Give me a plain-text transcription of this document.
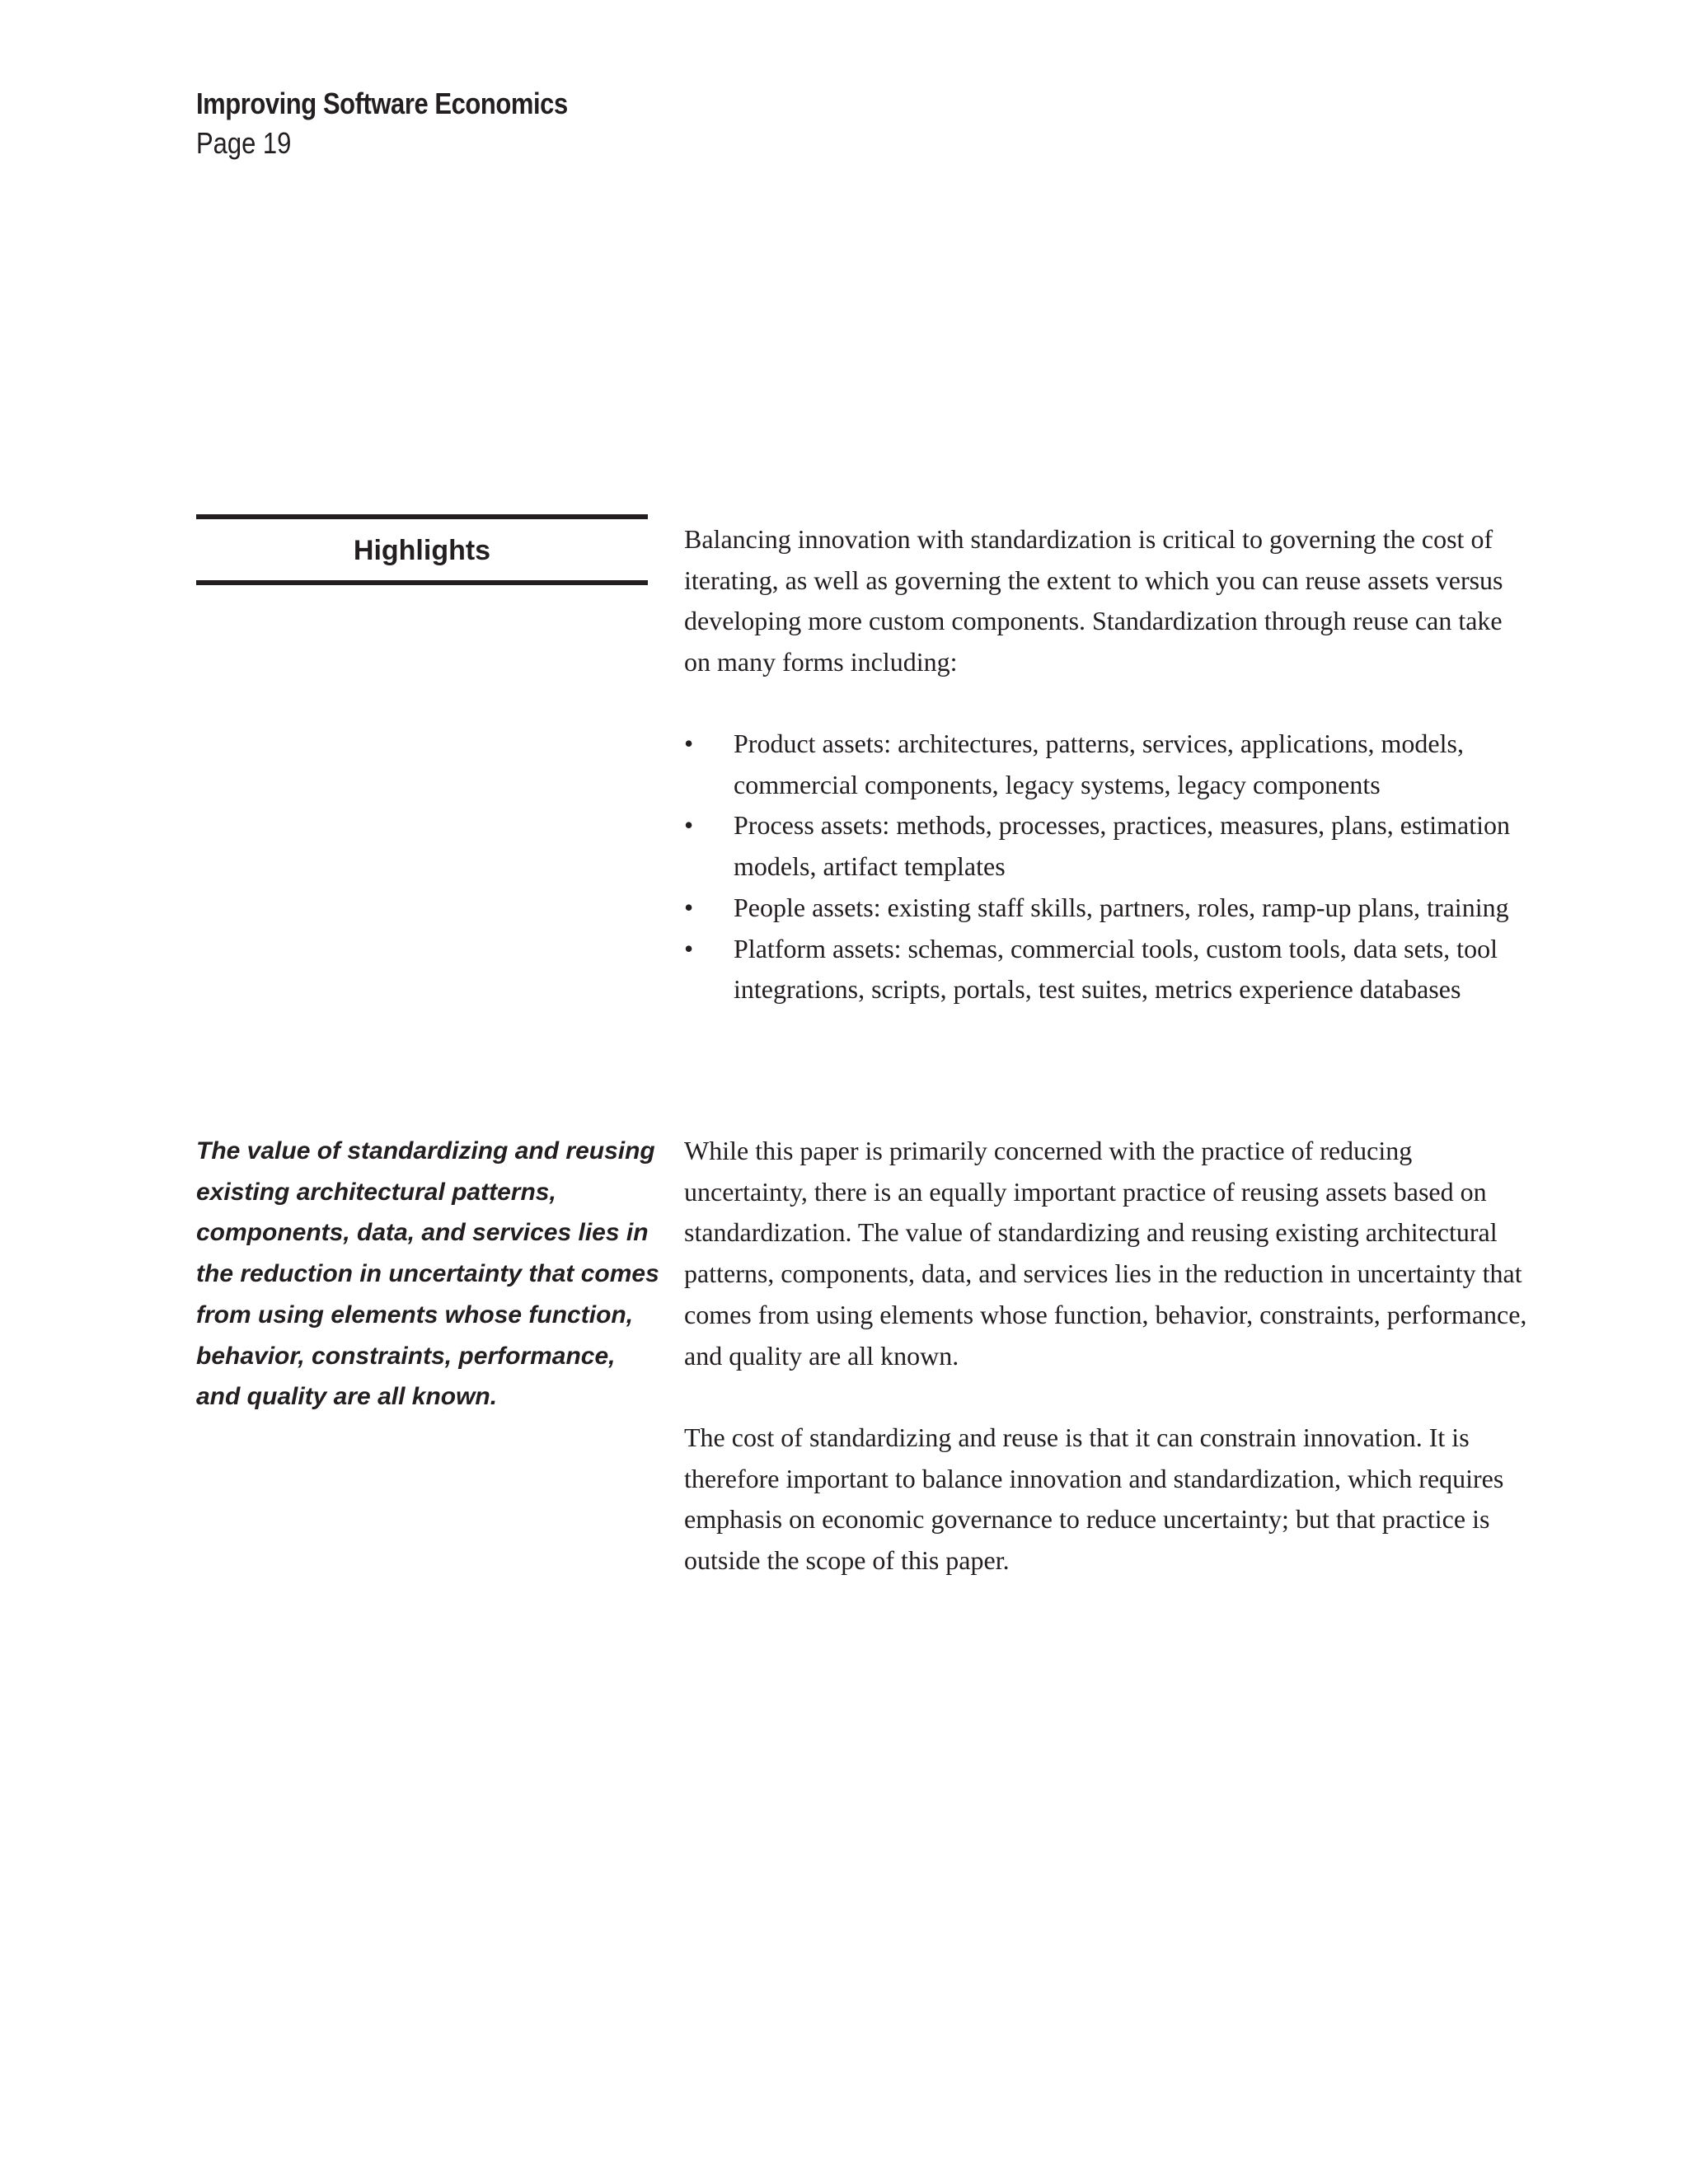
Improving Software Economics
Page 19
Highlights

The value of standardizing and reusing existing architectural patterns, components, data, and services lies in the reduction in uncertainty that comes from using elements whose function, behavior, constraints, performance, and quality are all known.

Balancing innovation with standardization is critical to governing the cost of iterating, as well as governing the extent to which you can reuse assets versus developing more custom components. Standardization through reuse can take on many forms including:

• Product assets: architectures, patterns, services, applications, models, commercial components, legacy systems, legacy components
• Process assets: methods, processes, practices, measures, plans, estimation models, artifact templates
• People assets: existing staff skills, partners, roles, ramp-up plans, training
• Platform assets: schemas, commercial tools, custom tools, data sets, tool integrations, scripts, portals, test suites, metrics experience databases

While this paper is primarily concerned with the practice of reducing uncertainty, there is an equally important practice of reusing assets based on standardization. The value of standardizing and reusing existing architectural patterns, components, data, and services lies in the reduction in uncertainty that comes from using elements whose function, behavior, constraints, performance, and quality are all known.

The cost of standardizing and reuse is that it can constrain innovation. It is therefore important to balance innovation and standardization, which requires emphasis on economic governance to reduce uncertainty; but that practice is outside the scope of this paper.
